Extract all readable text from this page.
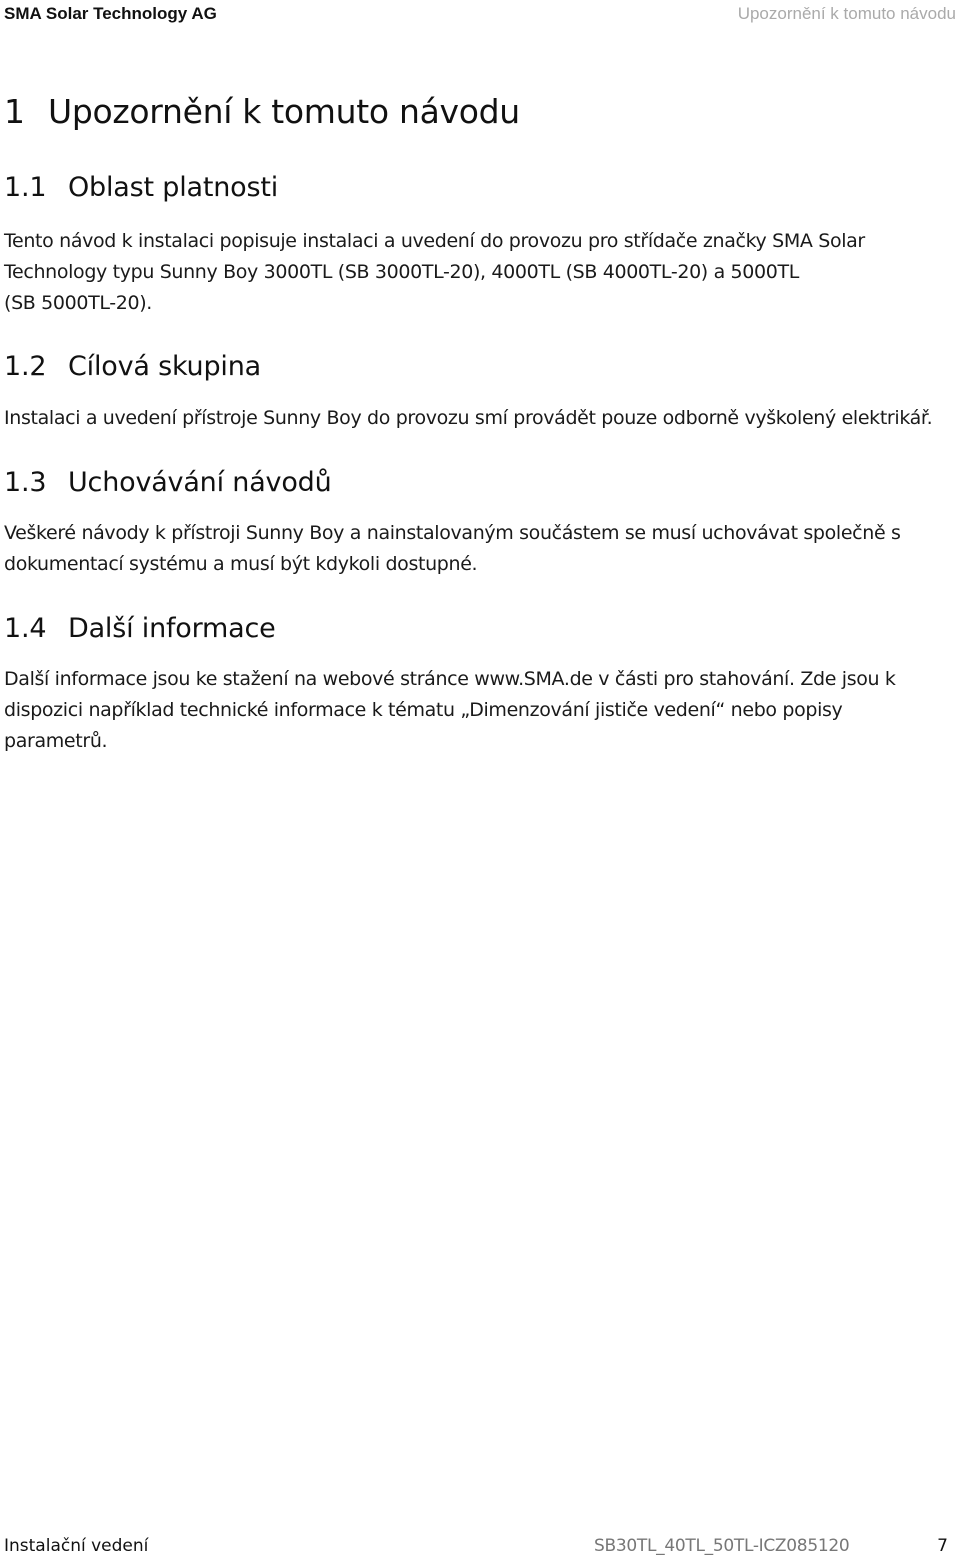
SMA Solar Technology AG	Upozornění k tomuto návodu
1 Upozornění k tomuto návodu
1.1 Oblast platnosti

Tento návod k instalaci popisuje instalaci a uvedení do provozu pro střídače značky SMA Solar
Technology typu Sunny Boy 3000TL (SB 3000TL-20), 4000TL (SB 4000TL-20) a 5000TL
(SB 5000TL-20).

1.2 Cílová skupina

Instalaci a uvedení přístroje Sunny Boy do provozu smí provádět pouze odborně vyškolený elektrikář.

1.3 Uchovávání návodů

Veškeré návody k přístroji Sunny Boy a nainstalovaným součástem se musí uchovávat společně s
dokumentací systému a musí být kdykoli dostupné.

1.4 Další informace

Další informace jsou ke stažení na webové stránce www.SMA.de v části pro stahování. Zde jsou k
dispozici například technické informace k tématu „Dimenzování jističe vedení“ nebo popisy
parametrů.

Instalační vedení	SB30TL_40TL_50TL-ICZ085120	7
